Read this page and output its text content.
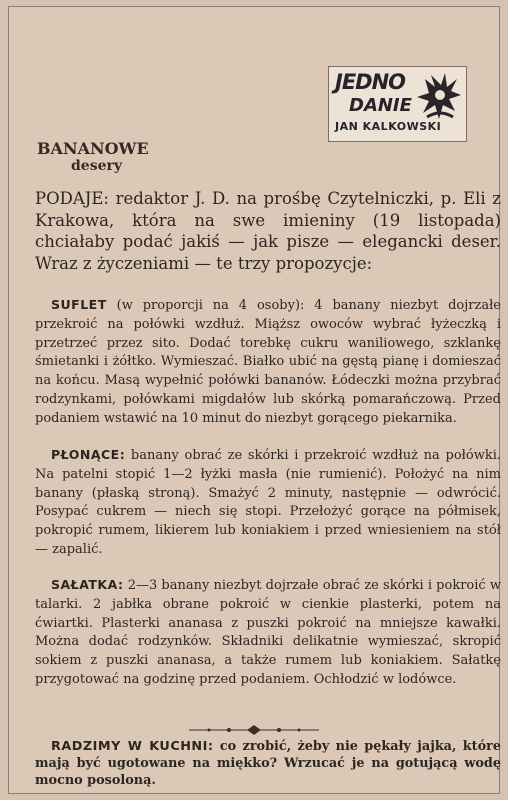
JEDNO
DANIE
JAN KALKOWSKI
BANANOWE
desery
PODAJE: redaktor J. D. na prośbę Czytelniczki, p. Eli z Krakowa, która na swe imieniny (19 listopada) chciałaby podać jakiś — jak pisze — elegancki deser. Wraz z życzeniami — te trzy propozycje:
SUFLET (w proporcji na 4 osoby): 4 banany niezbyt dojrzałe przekroić na połówki wzdłuż. Miąższ owoców wybrać łyżeczką i przetrzeć przez sito. Dodać torebkę cukru waniliowego, szklankę śmietanki i żółtko. Wymieszać. Białko ubić na gęstą pianę i domieszać na końcu. Masą wypełnić połówki bananów. Łódeczki można przybrać rodzynkami, połówkami migdałów lub skórką pomarańczową. Przed podaniem wstawić na 10 minut do niezbyt gorącego piekarnika.
PŁONĄCE: banany obrać ze skórki i przekroić wzdłuż na połówki. Na patelni stopić 1—2 łyżki masła (nie rumienić). Położyć na nim banany (płaską stroną). Smażyć 2 minuty, następnie — odwrócić. Posypać cukrem — niech się stopi. Przełożyć gorące na półmisek, pokropić rumem, likierem lub koniakiem i przed wniesieniem na stół — zapalić.
SAŁATKA: 2—3 banany niezbyt dojrzałe obrać ze skórki i pokroić w talarki. 2 jabłka obrane pokroić w cienkie plasterki, potem na ćwiartki. Plasterki ananasa z puszki pokroić na mniejsze kawałki. Można dodać rodzynków. Składniki delikatnie wymieszać, skropić sokiem z puszki ananasa, a także rumem lub koniakiem. Sałatkę przygotować na godzinę przed podaniem. Ochłodzić w lodówce.
RADZIMY W KUCHNI: co zrobić, żeby nie pękały jajka, które mają być ugotowane na miękko? Wrzucać je na gotującą wodę mocno posoloną.
